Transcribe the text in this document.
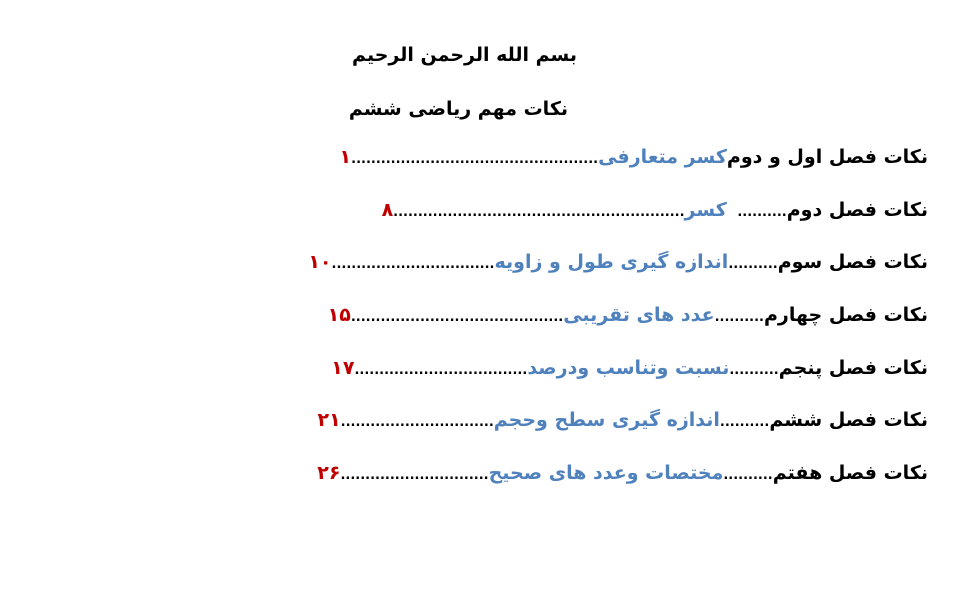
بسم الله الرحمن الرحیم
نکات مهم ریاضی ششم
نکات فصل اول و دوم
کسر متعارفی
..................................................
۱
نکات فصل دوم
..........
کسر
...........................................................
۸
نکات فصل سوم
..........
اندازه گیری طول و زاویه
.................................
۱۰
نکات فصل چهارم
..........
عدد های تقریبی
...........................................
۱۵
نکات فصل پنجم
..........
نسبت وتناسب ودرصد
...................................
۱۷
نکات فصل ششم
..........
اندازه گیری سطح وحجم
...............................
۲۱
نکات فصل هفتم
..........
مختصات وعدد های صحیح
..............................
۲۶
